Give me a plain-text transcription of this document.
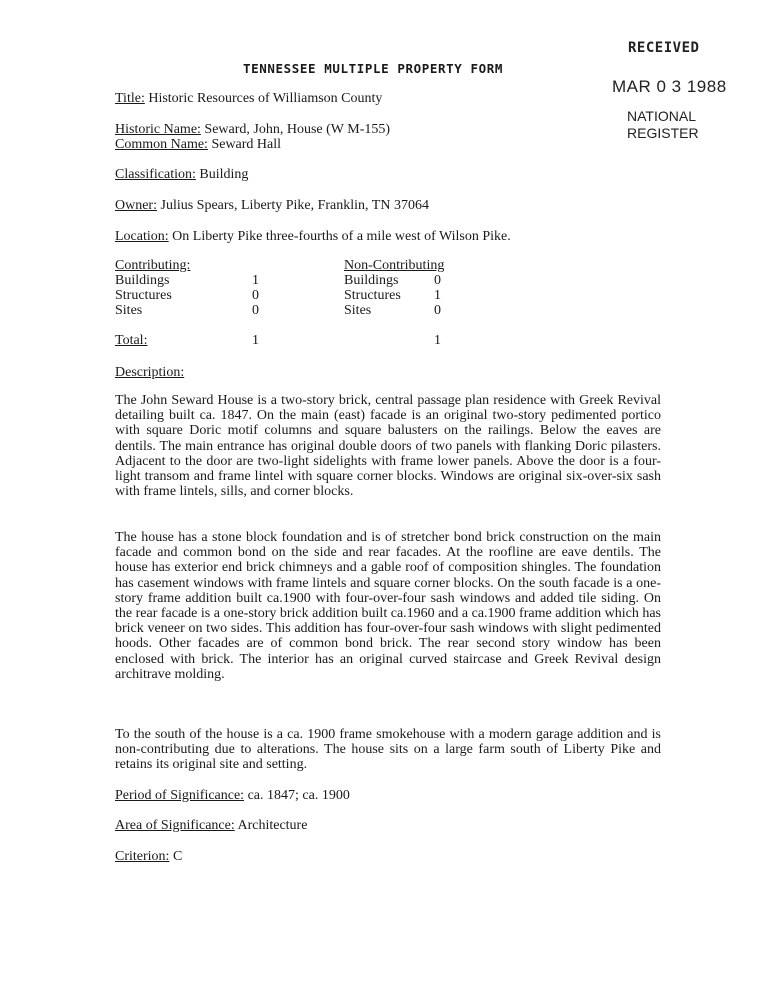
RECEIVED
MAR 0 3 1988
NATIONAL
REGISTER
TENNESSEE MULTIPLE PROPERTY FORM
Title: Historic Resources of Williamson County
Historic Name: Seward, John, House (W M-155)
Common Name: Seward Hall
Classification: Building
Owner: Julius Spears, Liberty Pike, Franklin, TN 37064
Location: On Liberty Pike three-fourths of a mile west of Wilson Pike.
Contributing:
Buildings
Structures
Sites
1
0
0
Non-Contributing
Buildings
Structures
Sites
0
1
0
Total:	1	1
Description:
The John Seward House is a two-story brick, central passage plan residence with Greek Revival detailing built ca. 1847. On the main (east) facade is an original two-story pedimented portico with square Doric motif columns and square balusters on the railings. Below the eaves are dentils. The main entrance has original double doors of two panels with flanking Doric pilasters. Adjacent to the door are two-light sidelights with frame lower panels. Above the door is a four-light transom and frame lintel with square corner blocks. Windows are original six-over-six sash with frame lintels, sills, and corner blocks.
The house has a stone block foundation and is of stretcher bond brick construction on the main facade and common bond on the side and rear facades. At the roofline are eave dentils. The house has exterior end brick chimneys and a gable roof of composition shingles. The foundation has casement windows with frame lintels and square corner blocks. On the south facade is a one-story frame addition built ca.1900 with four-over-four sash windows and added tile siding. On the rear facade is a one-story brick addition built ca.1960 and a ca.1900 frame addition which has brick veneer on two sides. This addition has four-over-four sash windows with slight pedimented hoods. Other facades are of common bond brick. The rear second story window has been enclosed with brick. The interior has an original curved staircase and Greek Revival design architrave molding.
To the south of the house is a ca. 1900 frame smokehouse with a modern garage addition and is non-contributing due to alterations. The house sits on a large farm south of Liberty Pike and retains its original site and setting.
Period of Significance: ca. 1847; ca. 1900
Area of Significance: Architecture
Criterion: C
